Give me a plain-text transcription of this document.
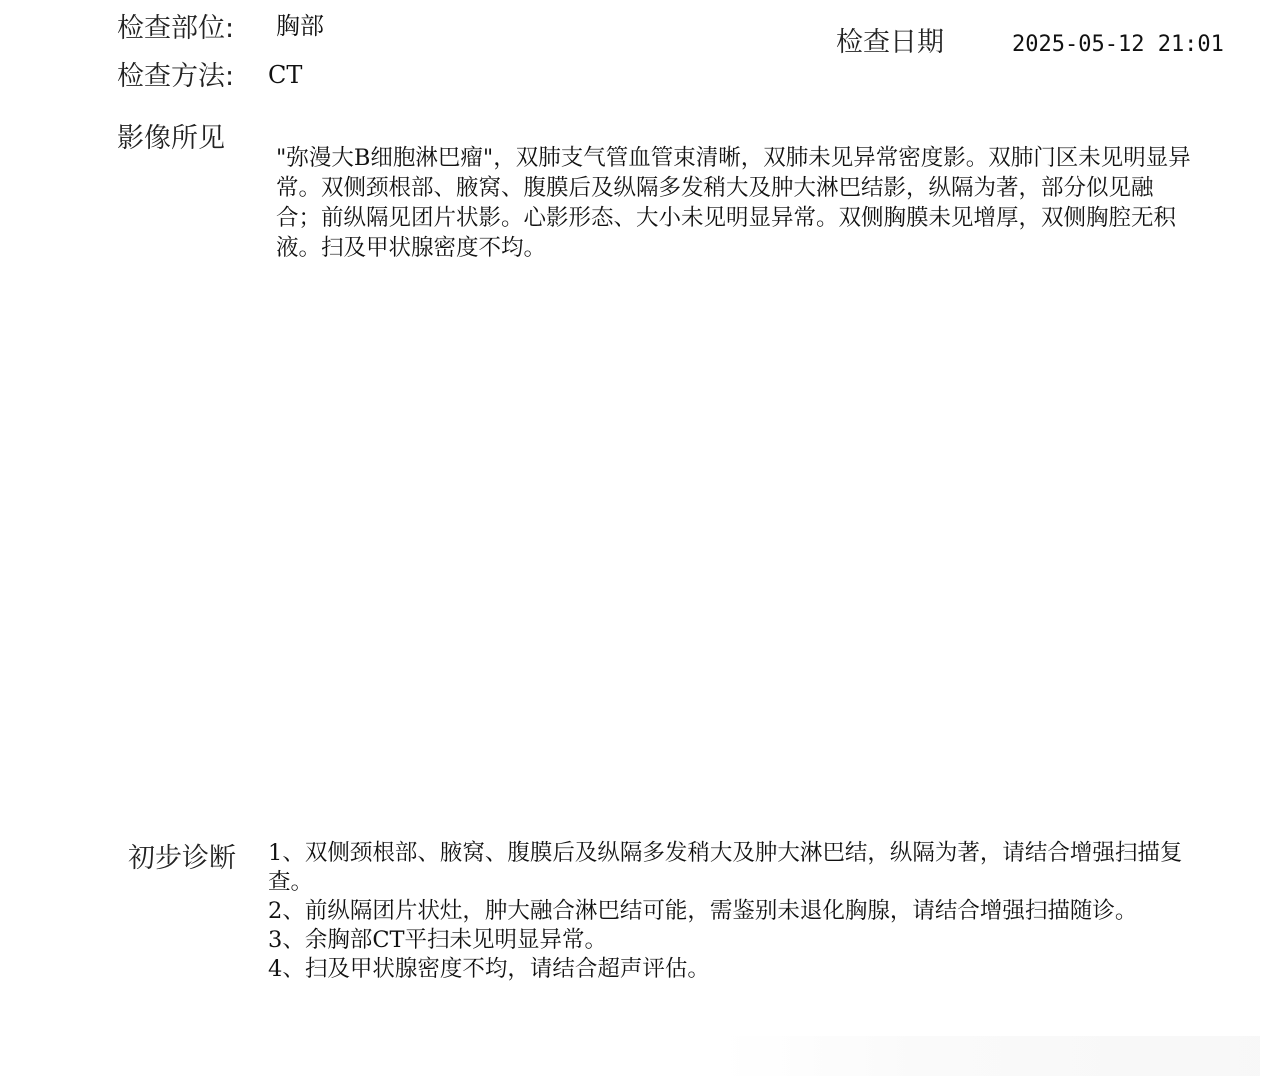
检查部位: 胸部
检查方法: CT
检查日期	2025-05-12 21:01
影像所见
"弥漫大B细胞淋巴瘤"，双肺支气管血管束清晰，双肺未见异常密度影。双肺门区未见明显异常。双侧颈根部、腋窝、腹膜后及纵隔多发稍大及肿大淋巴结影，纵隔为著，部分似见融合；前纵隔见团片状影。心影形态、大小未见明显异常。双侧胸膜未见增厚，双侧胸腔无积液。扫及甲状腺密度不均。
初步诊断 1、双侧颈根部、腋窝、腹膜后及纵隔多发稍大及肿大淋巴结，纵隔为著，请结合增强扫描复查。
2、前纵隔团片状灶，肿大融合淋巴结可能，需鉴别未退化胸腺，请结合增强扫描随诊。
3、余胸部CT平扫未见明显异常。
4、扫及甲状腺密度不均，请结合超声评估。
